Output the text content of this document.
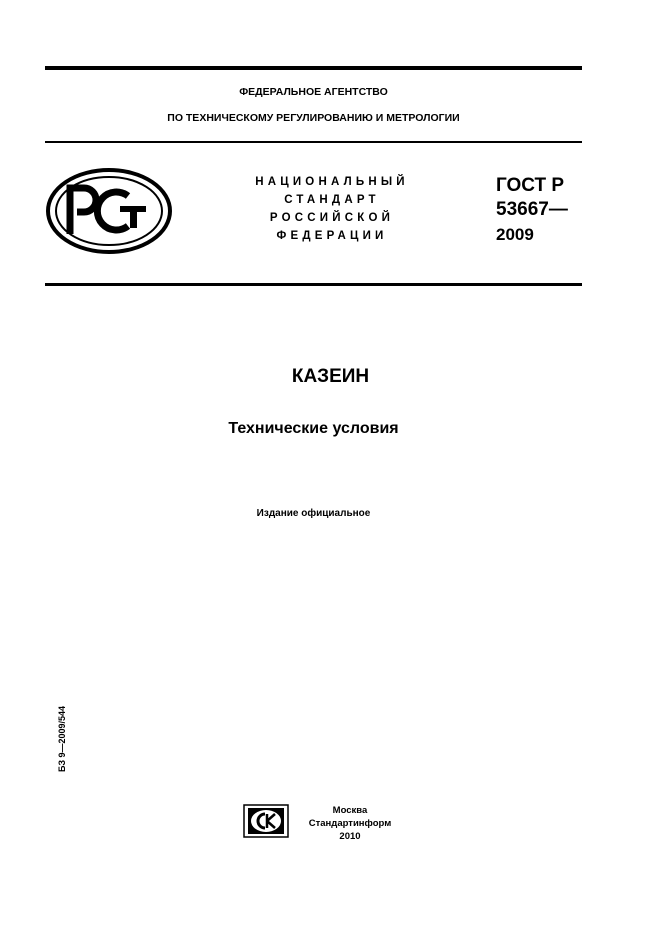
ФЕДЕРАЛЬНОЕ АГЕНТСТВО
ПО ТЕХНИЧЕСКОМУ РЕГУЛИРОВАНИЮ И МЕТРОЛОГИИ
НАЦИОНАЛЬНЫЙ
СТАНДАРТ
РОССИЙСКОЙ
ФЕДЕРАЦИИ
ГОСТ Р
53667—
2009
КАЗЕИН
Технические условия
Издание официальное
БЗ 9—2009/544
Москва
Стандартинформ
2010
